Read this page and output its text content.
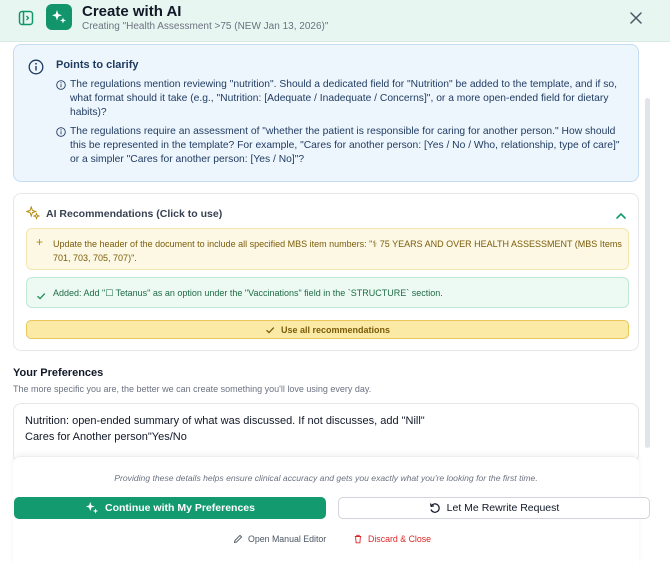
Create with AI
Creating "Health Assessment >75 (NEW Jan 13, 2026)"
Points to clarify
The regulations mention reviewing "nutrition". Should a dedicated field for "Nutrition" be added to the template, and if so, what format should it take (e.g., "Nutrition: [Adequate / Inadequate / Concerns]", or a more open-ended field for dietary habits)?
The regulations require an assessment of "whether the patient is responsible for caring for another person." How should this be represented in the template? For example, "Cares for another person: [Yes / No / Who, relationship, type of care]" or a simpler "Cares for another person: [Yes / No]"?
AI Recommendations (Click to use)
+ Update the header of the document to include all specified MBS item numbers: "⚕ 75 YEARS AND OVER HEALTH ASSESSMENT (MBS Items 701, 703, 705, 707)".
Added: Add "☐ Tetanus" as an option under the "Vaccinations" field in the `STRUCTURE` section.
Use all recommendations
Your Preferences
The more specific you are, the better we can create something you'll love using every day.
Nutrition: open-ended summary of what was discussed. If not discusses, add "Nill" Cares for Another person"Yes/No
Providing these details helps ensure clinical accuracy and gets you exactly what you're looking for the first time.
Continue with My Preferences	Let Me Rewrite Request
Open Manual Editor	Discard & Close
